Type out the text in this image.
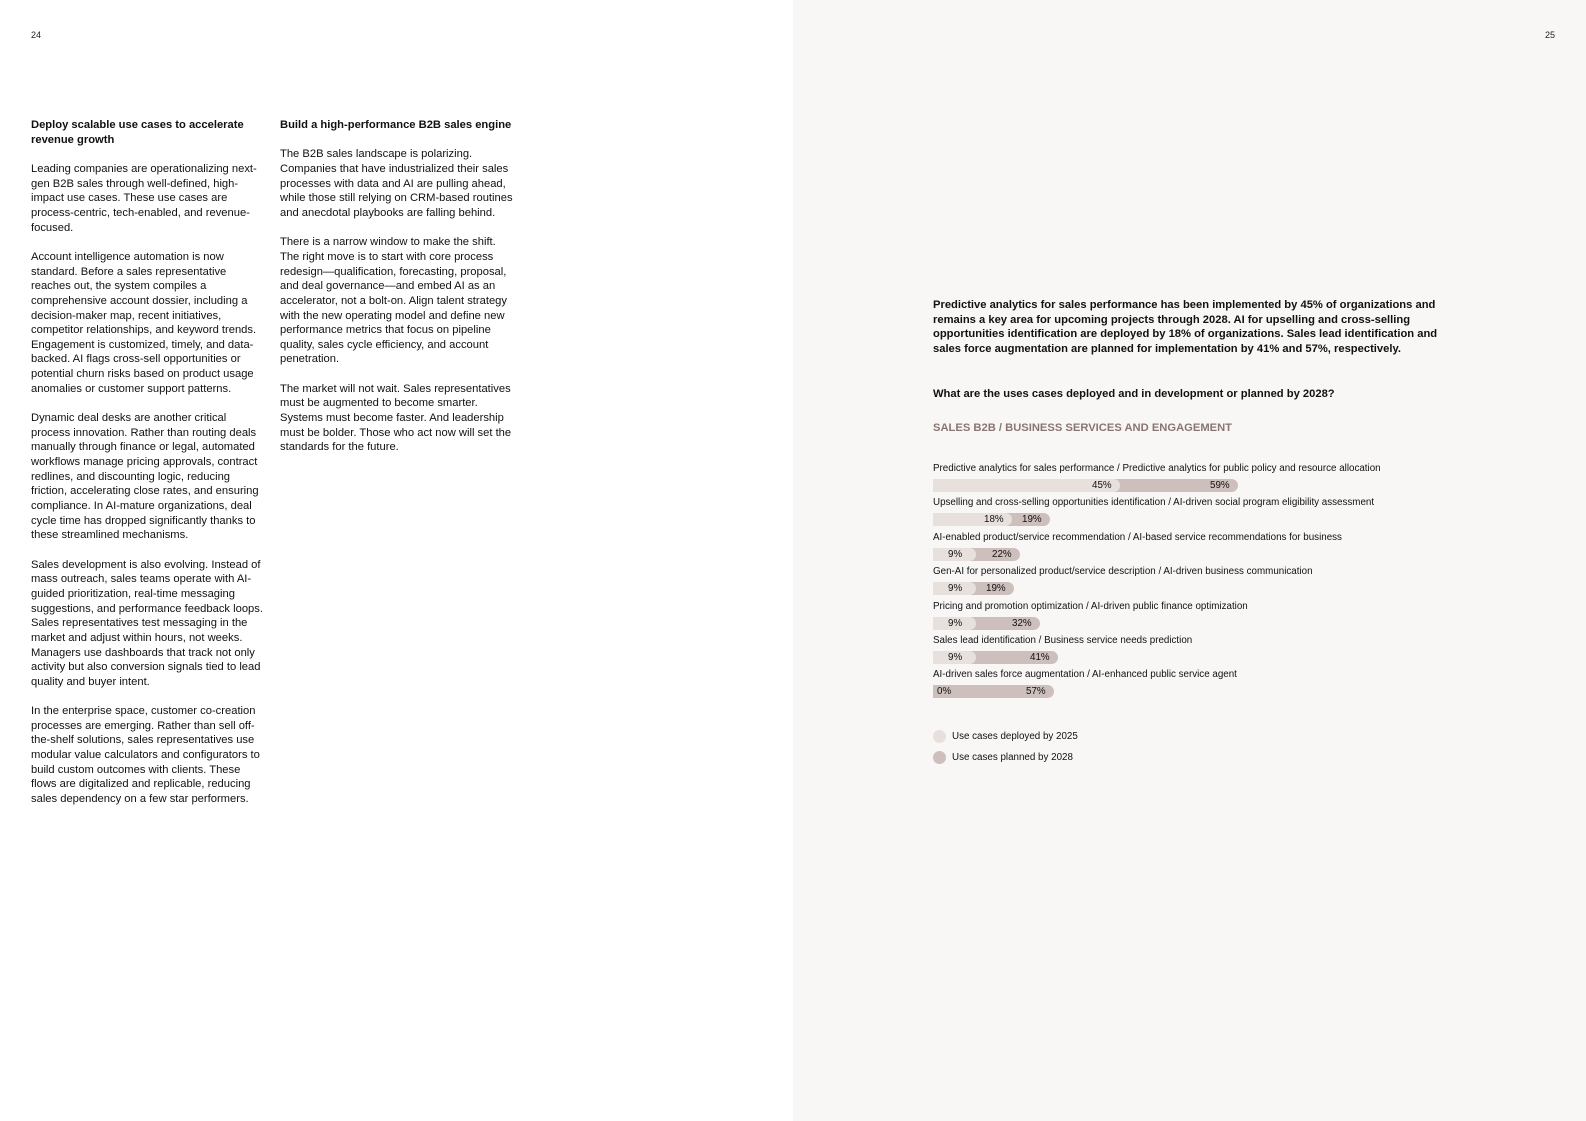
24
Deploy scalable use cases to accelerate revenue growth

Leading companies are operationalizing next-gen B2B sales through well-defined, high-impact use cases. These use cases are process-centric, tech-enabled, and revenue-focused.

Account intelligence automation is now standard. Before a sales representative reaches out, the system compiles a comprehensive account dossier, including a decision-maker map, recent initiatives, competitor relationships, and keyword trends. Engagement is customized, timely, and data-backed. AI flags cross-sell opportunities or potential churn risks based on product usage anomalies or customer support patterns.

Dynamic deal desks are another critical process innovation. Rather than routing deals manually through finance or legal, automated workflows manage pricing approvals, contract redlines, and discounting logic, reducing friction, accelerating close rates, and ensuring compliance. In AI-mature organizations, deal cycle time has dropped significantly thanks to these streamlined mechanisms.

Sales development is also evolving. Instead of mass outreach, sales teams operate with AI-guided prioritization, real-time messaging suggestions, and performance feedback loops. Sales representatives test messaging in the market and adjust within hours, not weeks. Managers use dashboards that track not only activity but also conversion signals tied to lead quality and buyer intent.

In the enterprise space, customer co-creation processes are emerging. Rather than sell off-the-shelf solutions, sales representatives use modular value calculators and configurators to build custom outcomes with clients. These flows are digitalized and replicable, reducing sales dependency on a few star performers.

Build a high-performance B2B sales engine

The B2B sales landscape is polarizing. Companies that have industrialized their sales processes with data and AI are pulling ahead, while those still relying on CRM-based routines and anecdotal playbooks are falling behind.

There is a narrow window to make the shift. The right move is to start with core process redesign—qualification, forecasting, proposal, and deal governance—and embed AI as an accelerator, not a bolt-on. Align talent strategy with the new operating model and define new performance metrics that focus on pipeline quality, sales cycle efficiency, and account penetration.

The market will not wait. Sales representatives must be augmented to become smarter. Systems must become faster. And leadership must be bolder. Those who act now will set the standards for the future.

25
Predictive analytics for sales performance has been implemented by 45% of organizations and remains a key area for upcoming projects through 2028. AI for upselling and cross-selling opportunities identification are deployed by 18% of organizations. Sales lead identification and sales force augmentation are planned for implementation by 41% and 57%, respectively.
What are the uses cases deployed and in development or planned by 2028?
SALES B2B / BUSINESS SERVICES AND ENGAGEMENT
Predictive analytics for sales performance / Predictive analytics for public policy and resource allocation
45%	59%
Upselling and cross-selling opportunities identification / AI-driven social program eligibility assessment
18% 19%
AI-enabled product/service recommendation / AI-based service recommendations for business
9%	22%
Gen-AI for personalized product/service description / AI-driven business communication
9% 19%
Pricing and promotion optimization / AI-driven public finance optimization
9%	32%
Sales lead identification / Business service needs prediction
9%	41%
AI-driven sales force augmentation / AI-enhanced public service agent
0%	57%
Use cases deployed by 2025
Use cases planned by 2028
